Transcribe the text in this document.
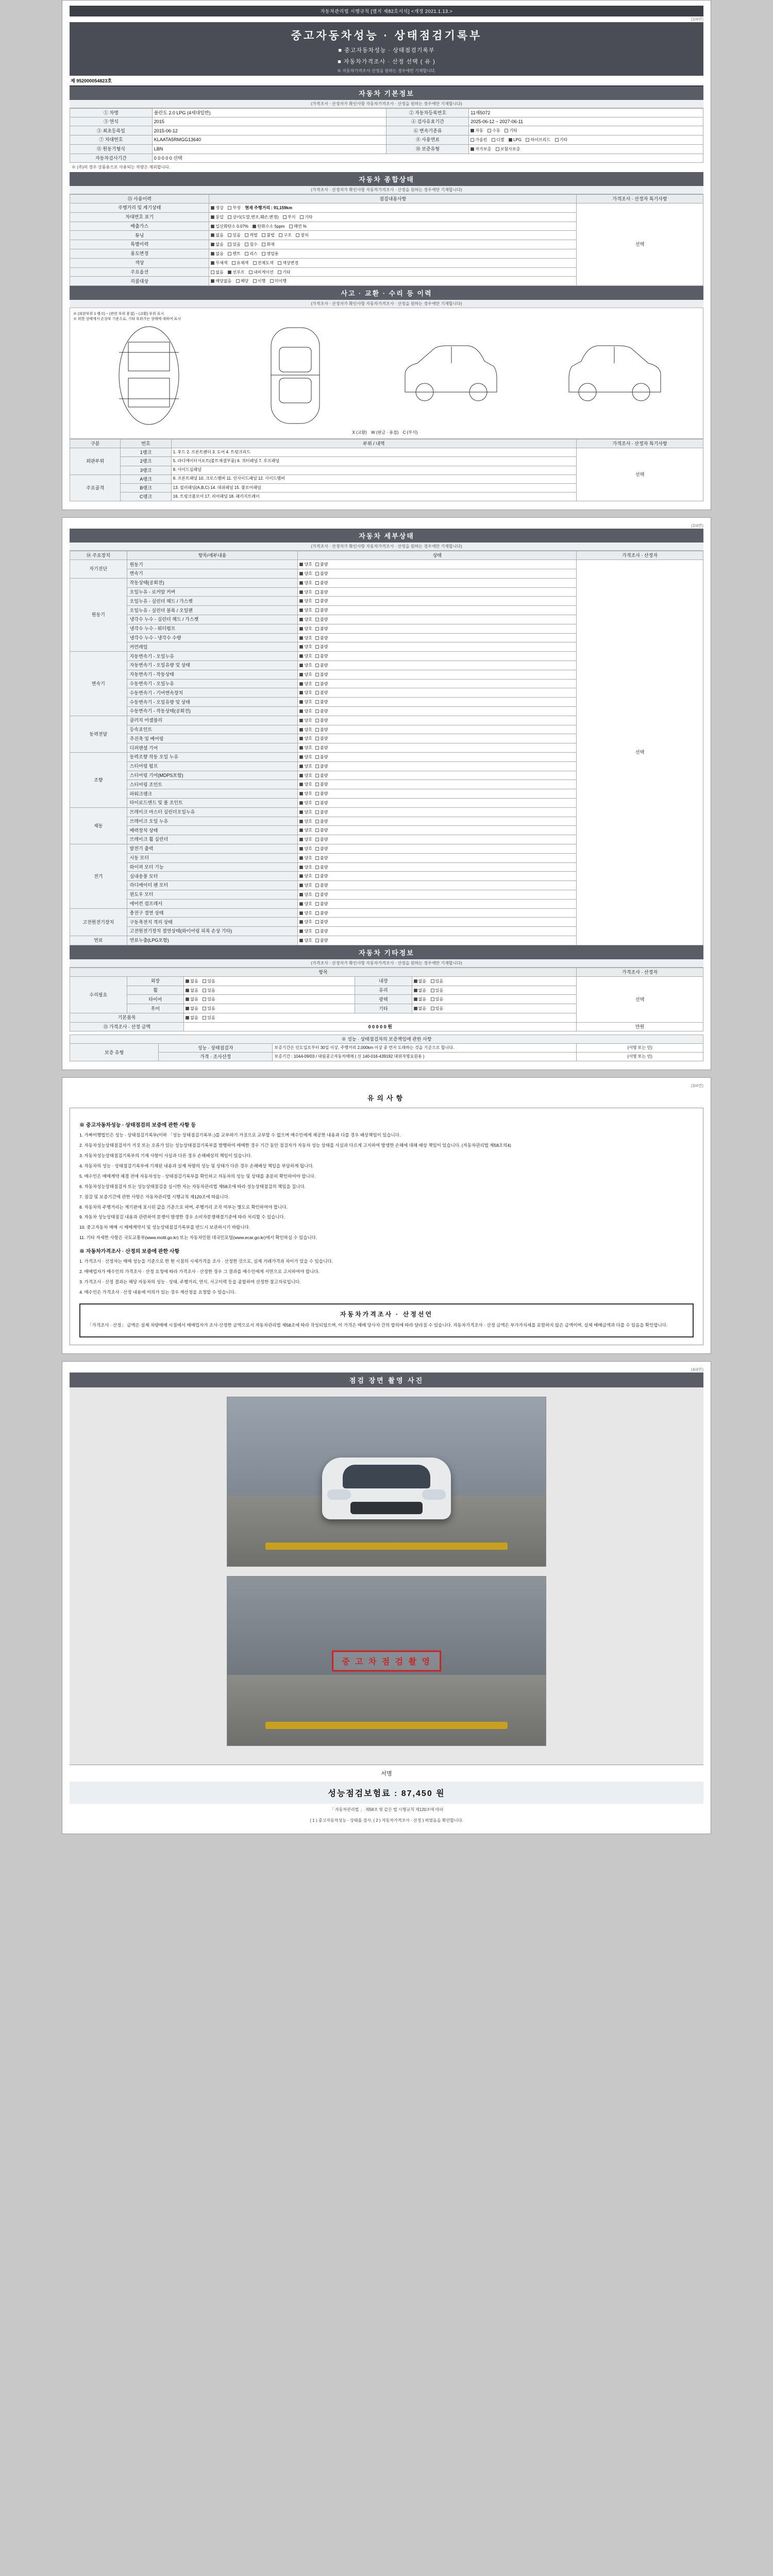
자동차관리법 시행규칙 [별지 제82호서식] <개정 2021.1.13.>
(1/4면)
중고자동차성능 · 상태점검기록부
■ 중고자동차성능 · 상태점검기록부
■ 자동차가격조사 · 산정 선택 ( 유 )
※ 자동차가격조사·산정을 원하는 경우에만 기재합니다.
제 952000054823호
자동차 기본정보
(가격조사 · 산정자가 확인사항 자동차가격조사 · 산정을 원하는 경우에만 기재합니다)
① 차명	볼란도 2.0 LPG (4세대일반)	② 자동차등록번호	11재5072
③ 연식	2015	④ 검사유효기간	2025-06-12 ~ 2027-06-11
⑤ 최초등록일	2015-06-12	⑥ 변속기종류	자동 수동 기타
⑦ 차대번호	KLAATA5RMGG13640	⑧ 사용연료	가솔린 디젤 LPG 하이브리드 기타
⑪ 원동기형식	LBN	⑩ 보증유형	자가보증 보험사보증
자동차검사기간	0 0 0 0 0 선택		
※ (주)의 경우 상품용으로 사용되는 차량은 제외합니다.
자동차 종합상태
(가격조사 · 산정자가 확인사항 자동차가격조사 · 산정을 원하는 경우에만 기재합니다)
⑬ 사용이력	점검내용사항	가격조사 · 산정자 특기사항
주행거리 및 계기상태	정상 부정 현재 주행거리 : 91,159km	선택
차대번호 표기	동일 상이(도말,변조,훼손,변경) 부식 기타	
배출가스	일산화탄소 0.07% 탄화수소 5ppm 매연 %	
튜닝	없음 있음 적법 불법 구조 장치	
특별이력	없음 있음 침수 화재	
용도변경	없음 렌트 리스 영업용	
색상	무채색 유채색 전체도색 색상변경	
주요옵션	없음 선루프 내비게이션 기타	
리콜대상	해당없음 해당 이행 미이행	
사고 · 교환 · 수리 등 이력
(가격조사 · 산정자가 확인사항 자동차가격조사 · 산정을 원하는 경우에만 기재합니다)
※ (외판부위 1 랭크) ~ (관련 부위 용접) ~ (교환) 부위 표시
※ 위한 상태에서 손상부 기준으로, 기타 부위가는 상태에 대하여 표시
X (교환) W (판금 · 용접) C (부식)
구분	번호	부위 / 내역	가격조사 · 산정자 특기사항
외판부위	1랭크	1. 후드 2. 프론트펜더 3. 도어 4. 트렁크리드	선택
	2랭크	5. 라디에이터서포트(볼트체결부품) 6. 쿼터패널 7. 루프패널	
	3랭크	8. 사이드실패널	
주요골격	A랭크	9. 프론트패널 10. 크로스멤버 11. 인사이드패널 12. 사이드멤버	
	B랭크	13. 필러패널(A,B,C) 14. 대쉬패널 15. 플로어패널	
	C랭크	16. 트렁크플로어 17. 리어패널 18. 패키지트레이	
(2/4면)
자동차 세부상태
(가격조사 · 산정자가 확인사항 자동차가격조사 · 산정을 원하는 경우에만 기재합니다)
⑭ 주요장치	항목/세부내용	상태	가격조사 · 산정자
자기진단	원동기	양호 불량	선택
	변속기	양호 불량	
원동기	작동상태(공회전)	양호 불량	
	오일누유 - 로커암 커버	양호 불량	
	오일누유 - 실린더 헤드 / 가스켓	양호 불량	
	오일누유 - 실린더 블록 / 오일팬	양호 불량	
	냉각수 누수 - 실린더 헤드 / 가스켓	양호 불량	
	냉각수 누수 - 워터펌프	양호 불량	
	냉각수 누수 - 냉각수 수량	양호 불량	
	커먼레일	양호 불량	
변속기	자동변속기 - 오일누유	양호 불량	
	자동변속기 - 오일유량 및 상태	양호 불량	
	자동변속기 - 작동상태	양호 불량	
	수동변속기 - 오일누유	양호 불량	
	수동변속기 - 기어변속장치	양호 불량	
	수동변속기 - 오일유량 및 상태	양호 불량	
	수동변속기 - 작동상태(공회전)	양호 불량	
동력전달	클러치 어셈블리	양호 불량	
	등속죠인트	양호 불량	
	추진축 및 베어링	양호 불량	
	디퍼렌셜 기어	양호 불량	
조향	동력조향 작동 오일 누유	양호 불량	
	스티어링 펌프	양호 불량	
	스티어링 기어(MDPS포함)	양호 불량	
	스티어링 조인트	양호 불량	
	파워크랭크	양호 불량	
	타이로드엔드 및 볼 조인트	양호 불량	
제동	브레이크 마스터 실린더오일누유	양호 불량	
	브레이크 오일 누유	양호 불량	
	배력장치 상태	양호 불량	
	브레이크 휠 실린더	양호 불량	
전기	발전기 출력	양호 불량	
	시동 모터	양호 불량	
	와이퍼 모터 기능	양호 불량	
	실내송풍 모터	양호 불량	
	라디에이터 팬 모터	양호 불량	
	윈도우 모터	양호 불량	
	에어컨 컴프레서	양호 불량	
고전원전기장치	충전구 절연 상태	양호 불량	
	구동축전지 격리 상태	양호 불량	
	고전원전기장치 절연상태(와이어링 피복 손상 기타)	양호 불량	
연료	연료누출(LPG포함)	양호 불량	
자동차 기타정보
(가격조사 · 산정자가 확인사항 자동차가격조사 · 산정을 원하는 경우에만 기재합니다)
항목					가격조사 · 산정자
수리필요	외장	없음 있음	내장	없음 있음	선택
	휠	없음 있음	유리	없음 있음	
	타이어	없음 있음	광택	없음 있음	
	후미	없음 있음	기타	없음 있음	
기본품목		없음 있음			
⑮ 가격조사 · 산정 금액		0 0 0 0 0 원			만원
※ 성능 · 상태점검자의 보증책임에 관한 사항			
보증 유형	성능 · 상태점검자	보증기간은 인도일로부터 30일 이상, 주행거리 2,000km 이상 중 먼저 도래하는 것을 기준으로 합니다.	(서명 또는 인)
	가격 · 조사산정	보증기간 : 1044-09/03 / 대림중고자동차매매 ( 신 140-016-439192 대위자명요원용 )	(서명 또는 인)
(3/4면)
유의사항
※ 중고자동차성능 · 상태점검의 보증에 관한 사항 등

1. 가짜이행법인은 성능 · 상태점검기록부(이하 「성능 상태점검기록부」)를 교부하기 거짓으로 교부할 수 없으며 매수인에게 제공한 내용과 다를 경우 배상책임이 있습니다.

2. 자동차성능상태점검자가 거짓 또는 오류가 있는 성능상태점검기록부를 발행하여 매매한 경우 기간 동안 점검자가 자동차 성능 상태를 사실과 다르게 고지하여 발생한 손해에 대해 배상 책임이 있습니다. (자동차관리법 제58조의4)

3. 자동차성능상태점검기록부의 기재 사항이 사실과 다른 경우 손해배상의 책임이 있습니다.

4. 자동차의 성능 · 상태점검기록부에 기재된 내용과 실제 차량의 성능 및 상태가 다른 경우 손해배상 책임을 부담하게 됩니다.

5. 매수인은 매매계약 체결 전에 자동차성능 · 상태점검기록부를 확인하고 자동차의 성능 및 상태를 충분히 확인하여야 합니다.

6. 자동차성능상태점검자 또는 성능상태점검을 실시한 자는 자동차관리법 제58조에 따라 성능상태점검의 책임을 집니다.

7. 점검 및 보증기간에 관한 사항은 자동차관리법 시행규칙 제120조에 따릅니다.

8. 자동차의 주행거리는 계기판에 표시된 값을 기준으로 하며, 주행거리 조작 여부는 별도로 확인하여야 합니다.

9. 자동차 성능상태점검 내용과 관련하여 분쟁이 발생한 경우 소비자분쟁해결기준에 따라 처리할 수 있습니다.

10. 중고자동차 매매 시 매매계약서 및 성능상태점검기록부를 반드시 보관하시기 바랍니다.

11. 기타 자세한 사항은 국토교통부(www.molit.go.kr) 또는 자동차민원 대국민포털(www.ecar.go.kr)에서 확인하실 수 있습니다.

※ 자동차가격조사 · 산정의 보증에 관한 사항

1. 가격조사 · 산정자는 매매 성능을 기준으로 한 현 시점의 시세가격을 조사 · 산정한 것으로, 실제 거래가격과 차이가 있을 수 있습니다.

2. 매매업자가 매수인의 가격조사 · 산정 요청에 따라 가격조사 · 산정한 경우 그 결과를 매수인에게 서면으로 고지하여야 합니다.

3. 가격조사 · 산정 결과는 해당 자동차의 성능 · 상태, 주행거리, 연식, 사고이력 등을 종합하여 산정한 참고자료입니다.

4. 매수인은 가격조사 · 산정 내용에 이의가 있는 경우 재산정을 요청할 수 있습니다.

자동차가격조사 · 산정선언
「가격조사 · 산정」 금액은 실제 차량매매 시점에서 매매업자가 조사·산정한 금액으로서 자동차관리법 제58조에 따라 작성되었으며, 이 가격은 매매 당사자 간의 합의에 따라 달라질 수 있습니다. 자동차가격조사 · 산정 금액은 부가가치세를 포함하지 않은 금액이며, 실제 매매금액과 다를 수 있음을 확인합니다.
(4/4면)
점검 장면 촬영 사진
중 고 차 점 검 촬 영
서명
성능점검보험료 : 87,450 원
「 자동차관리법 」 제58조 및 같은 법 시행규칙 제120조에 따라
( 1 ) 중고자동차성능 · 상태를 검사, ( 2 ) 자동차가격조사 · 산정 ) 하였음을 확인합니다.
